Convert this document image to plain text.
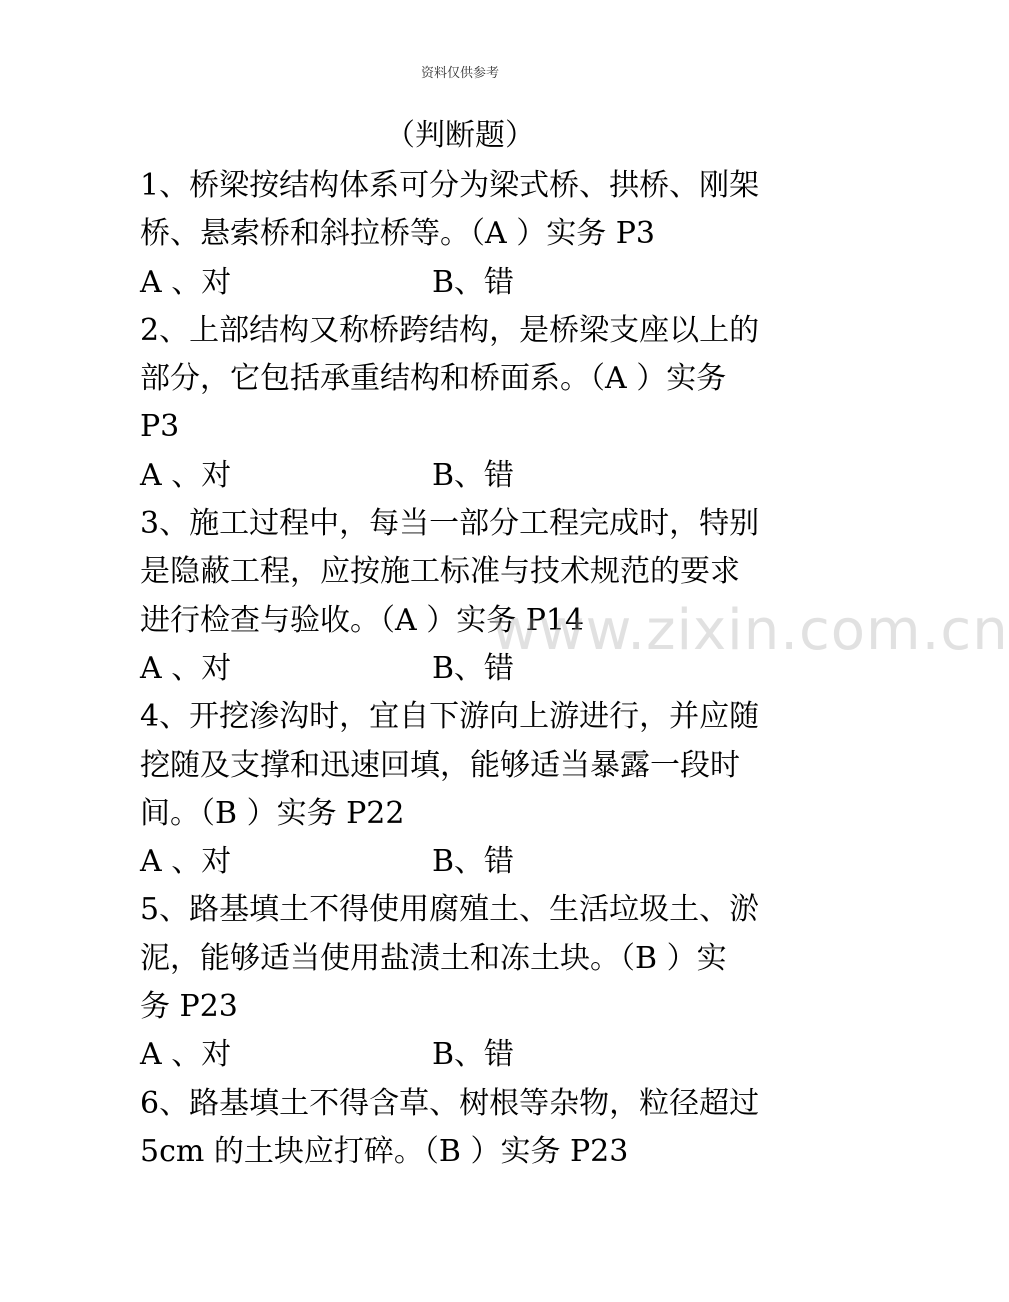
资料仅供参考
（判断题）
1、桥梁按结构体系可分为梁式桥、拱桥、刚架
桥、悬索桥和斜拉桥等。（A ）实务 P3
A 、对	B、错
2、上部结构又称桥跨结构，是桥梁支座以上的
部分，它包括承重结构和桥面系。（A ）实务
P3
A 、对	B、错
3、施工过程中，每当一部分工程完成时，特别
是隐蔽工程，应按施工标准与技术规范的要求
进行检查与验收。（A ）实务 P14
A 、对	B、错
4、开挖渗沟时，宜自下游向上游进行，并应随
挖随及支撑和迅速回填，能够适当暴露一段时
间。（B ）实务 P22
A 、对	B、错
5、路基填土不得使用腐殖土、生活垃圾土、淤
泥，能够适当使用盐渍土和冻土块。（B ）实
务 P23
A 、对	B、错
6、路基填土不得含草、树根等杂物，粒径超过
5cm 的土块应打碎。（B ）实务 P23
www.zixin.com.cn
